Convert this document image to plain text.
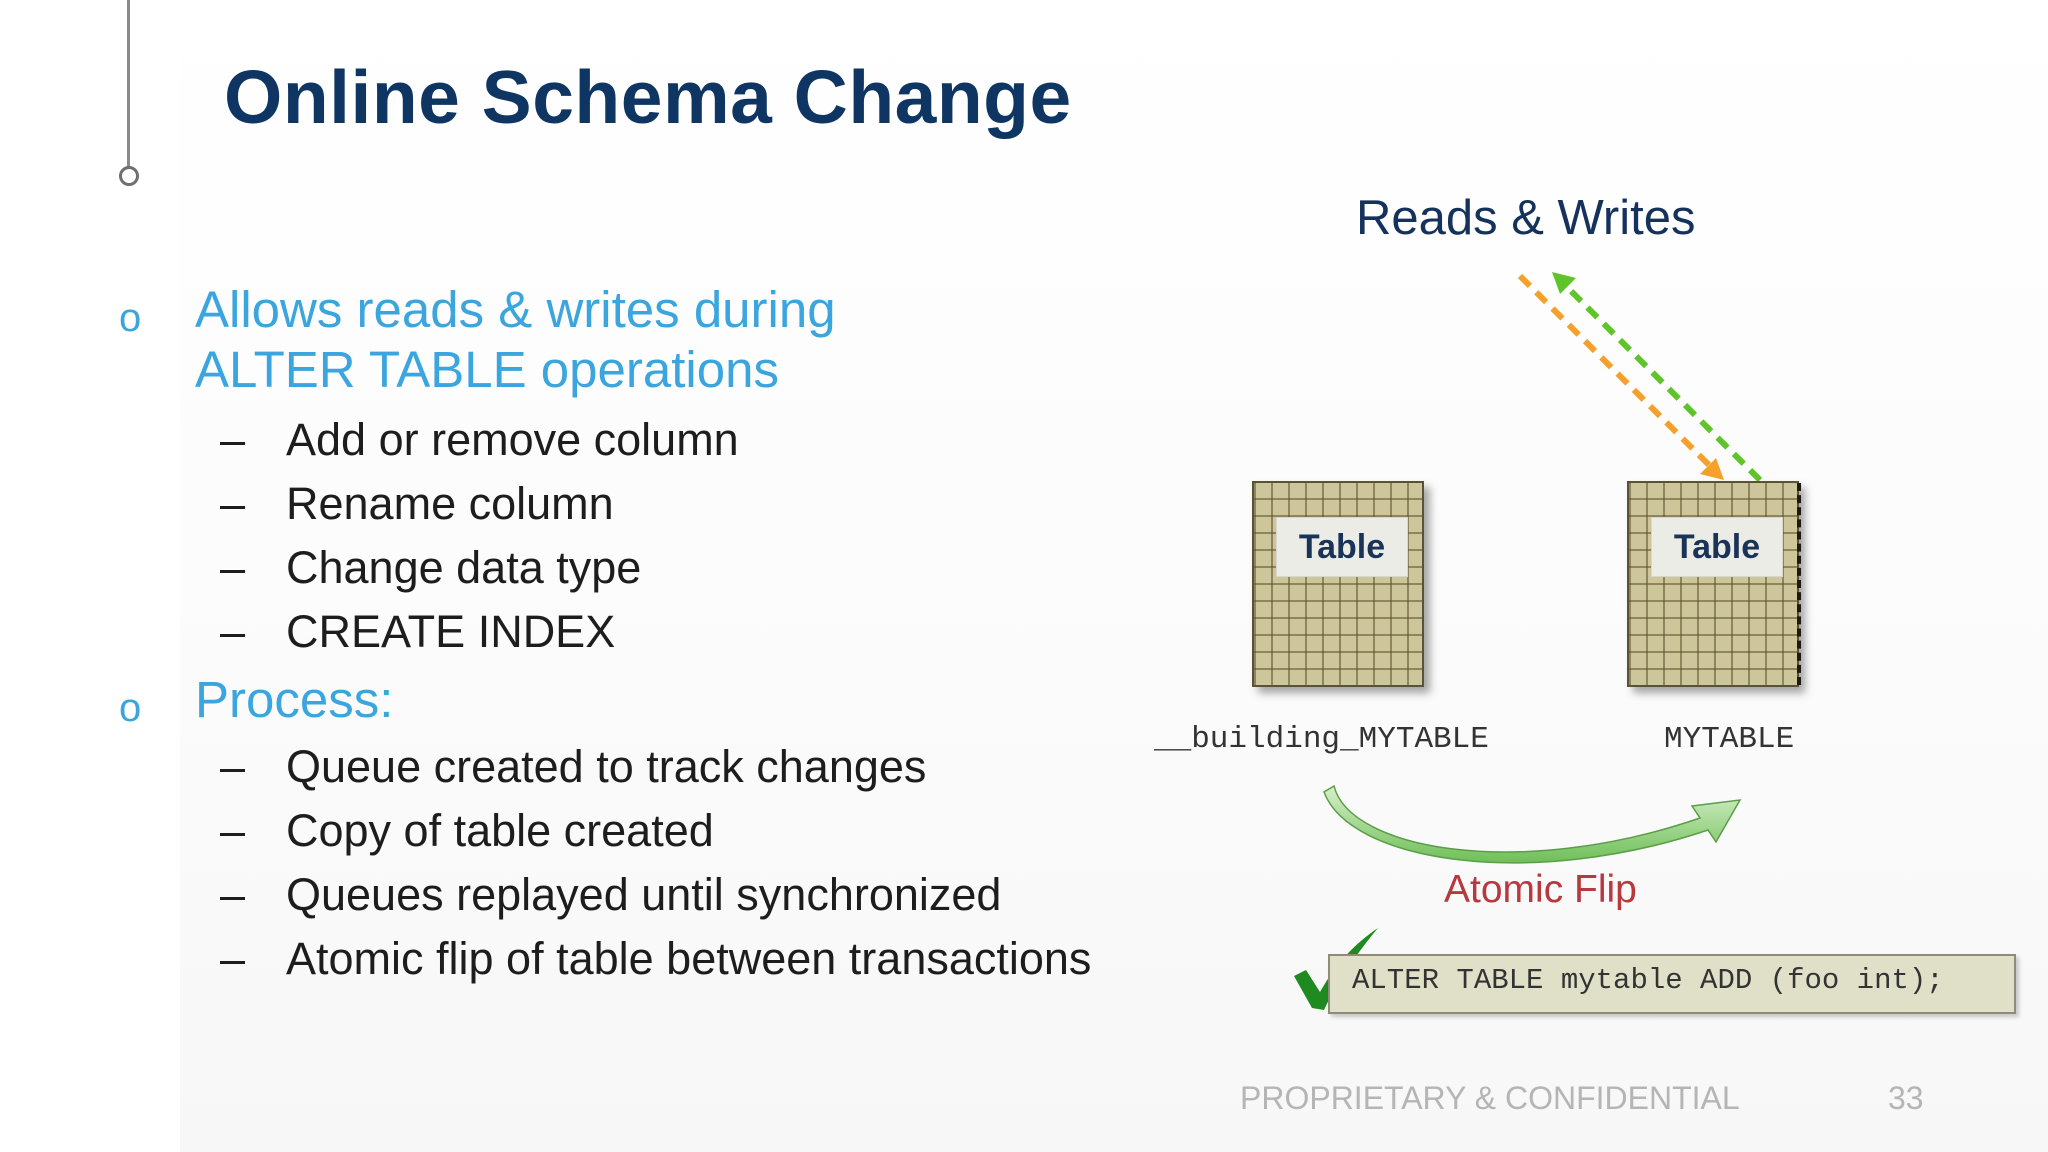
Online Schema Change
o Allows reads & writes during
ALTER TABLE operations
– Add or remove column
– Rename column
– Change data type
– CREATE INDEX
o Process:
– Queue created to track changes
– Copy of table created
– Queues replayed until synchronized
– Atomic flip of table between transactions
Reads & Writes
Table	Table
__building_MYTABLE	MYTABLE
Atomic Flip
ALTER TABLE mytable ADD (foo int);
PROPRIETARY & CONFIDENTIAL	33
